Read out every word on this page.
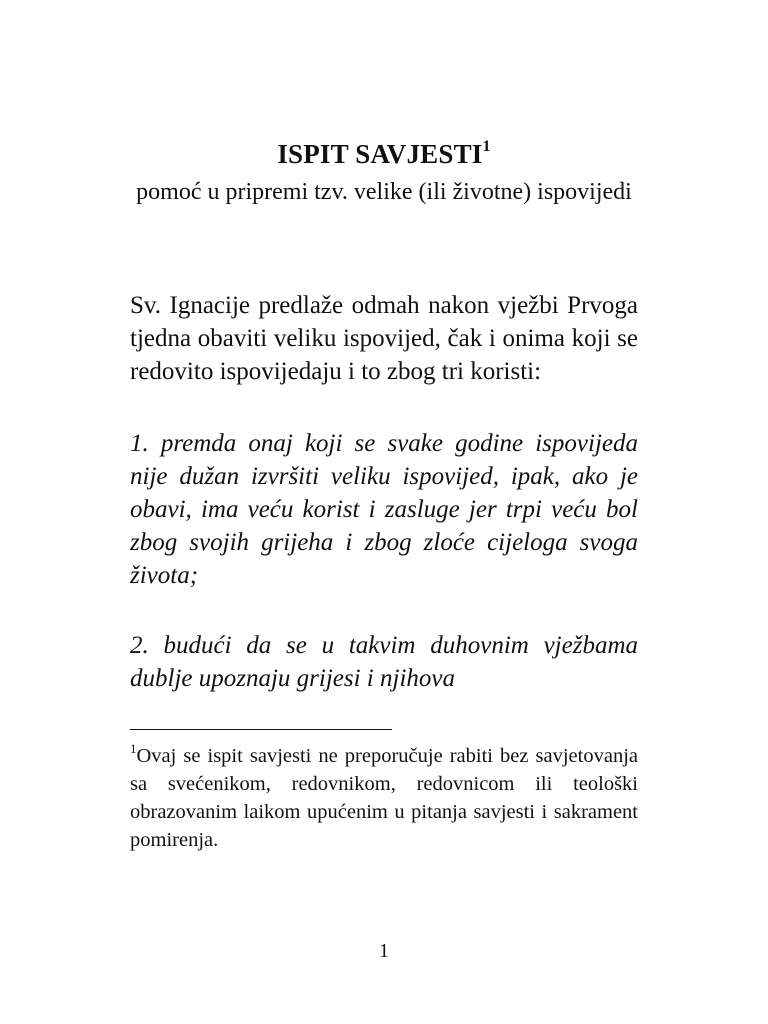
ISPIT SAVJESTI$^1$
pomoć u pripremi tzv. velike (ili životne) ispovijedi
Sv. Ignacije predlaže odmah nakon vježbi Prvoga tjedna obaviti veliku ispovijed, čak i onima koji se redovito ispovijedaju i to zbog tri koristi:
1. premda onaj koji se svake godine ispovijeda nije dužan izvršiti veliku ispovijed, ipak, ako je obavi, ima veću korist i zasluge jer trpi veću bol zbog svojih grijeha i zbog zloće cijeloga svoga života;
2. budući da se u takvim duhovnim vježbama dublje upoznaju grijesi i njihova
$^1$Ovaj se ispit savjesti ne preporučuje rabiti bez savjetovanja sa svećenikom, redovnikom, redovnicom ili teološki obrazovanim laikom upućenim u pitanja savjesti i sakrament pomirenja.
1
